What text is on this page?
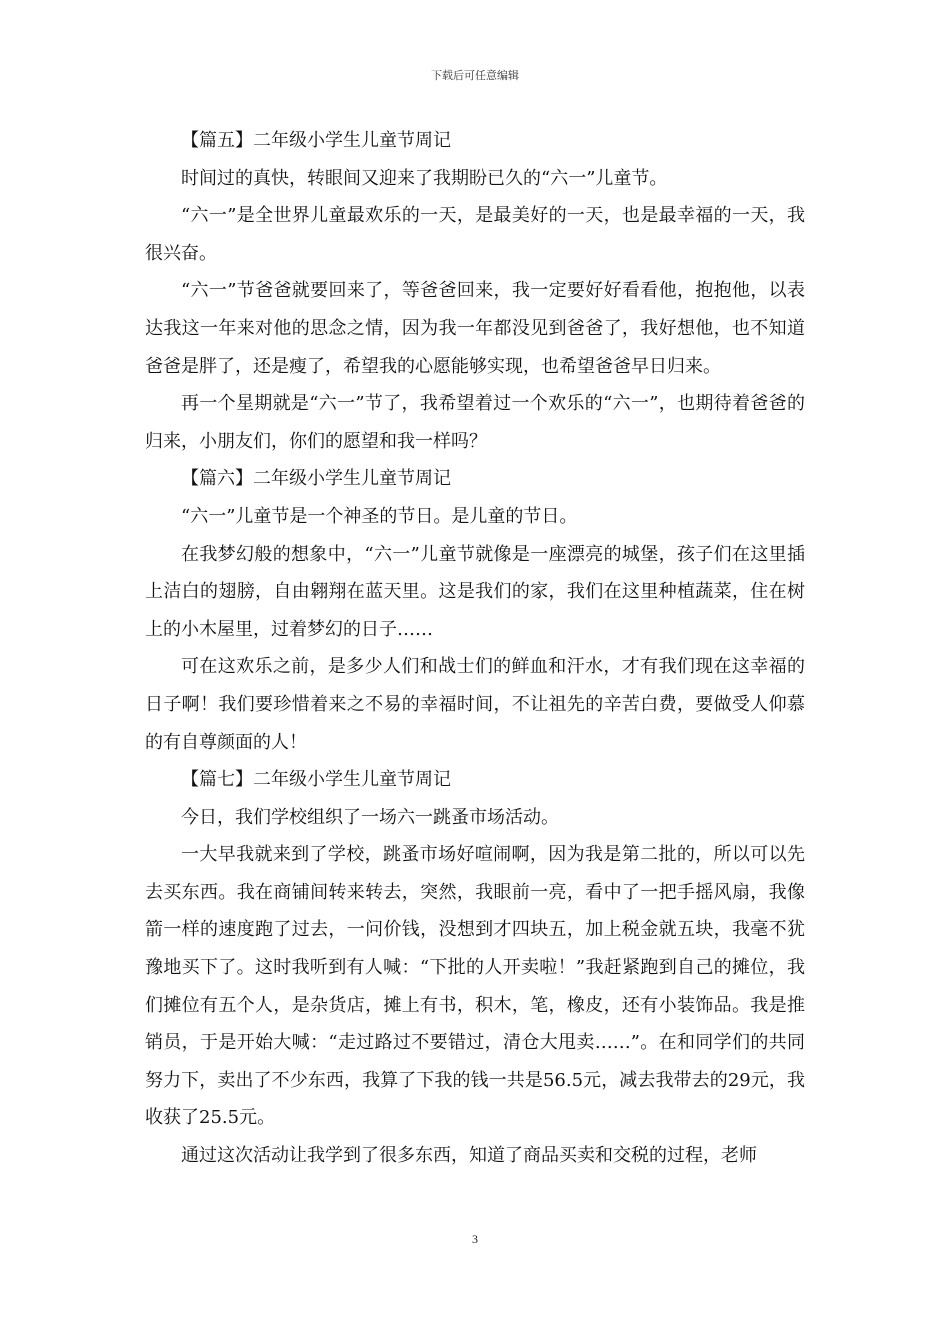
下载后可任意编辑

【篇五】二年级小学生儿童节周记

时间过的真快，转眼间又迎来了我期盼已久的“六一”儿童节。

“六一”是全世界儿童最欢乐的一天，是最美好的一天，也是最幸福的一天，我很兴奋。

“六一”节爸爸就要回来了，等爸爸回来，我一定要好好看看他，抱抱他，以表达我这一年来对他的思念之情，因为我一年都没见到爸爸了，我好想他，也不知道爸爸是胖了，还是瘦了，希望我的心愿能够实现，也希望爸爸早日归来。

再一个星期就是“六一”节了，我希望着过一个欢乐的“六一”，也期待着爸爸的归来，小朋友们，你们的愿望和我一样吗？

【篇六】二年级小学生儿童节周记

“六一”儿童节是一个神圣的节日。是儿童的节日。

在我梦幻般的想象中，“六一”儿童节就像是一座漂亮的城堡，孩子们在这里插上洁白的翅膀，自由翱翔在蓝天里。这是我们的家，我们在这里种植蔬菜，住在树上的小木屋里，过着梦幻的日子……

可在这欢乐之前，是多少人们和战士们的鲜血和汗水，才有我们现在这幸福的日子啊！我们要珍惜着来之不易的幸福时间，不让祖先的辛苦白费，要做受人仰慕的有自尊颜面的人！

【篇七】二年级小学生儿童节周记

今日，我们学校组织了一场六一跳蚤市场活动。

一大早我就来到了学校，跳蚤市场好喧闹啊，因为我是第二批的，所以可以先去买东西。我在商铺间转来转去，突然，我眼前一亮，看中了一把手摇风扇，我像箭一样的速度跑了过去，一问价钱，没想到才四块五，加上税金就五块，我毫不犹豫地买下了。这时我听到有人喊：“下批的人开卖啦！”我赶紧跑到自己的摊位，我们摊位有五个人，是杂货店，摊上有书，积木，笔，橡皮，还有小装饰品。我是推销员，于是开始大喊：“走过路过不要错过，清仓大甩卖……”。在和同学们的共同努力下，卖出了不少东西，我算了下我的钱一共是56.5元，减去我带去的29元，我收获了25.5元。

通过这次活动让我学到了很多东西，知道了商品买卖和交税的过程，老师

3
